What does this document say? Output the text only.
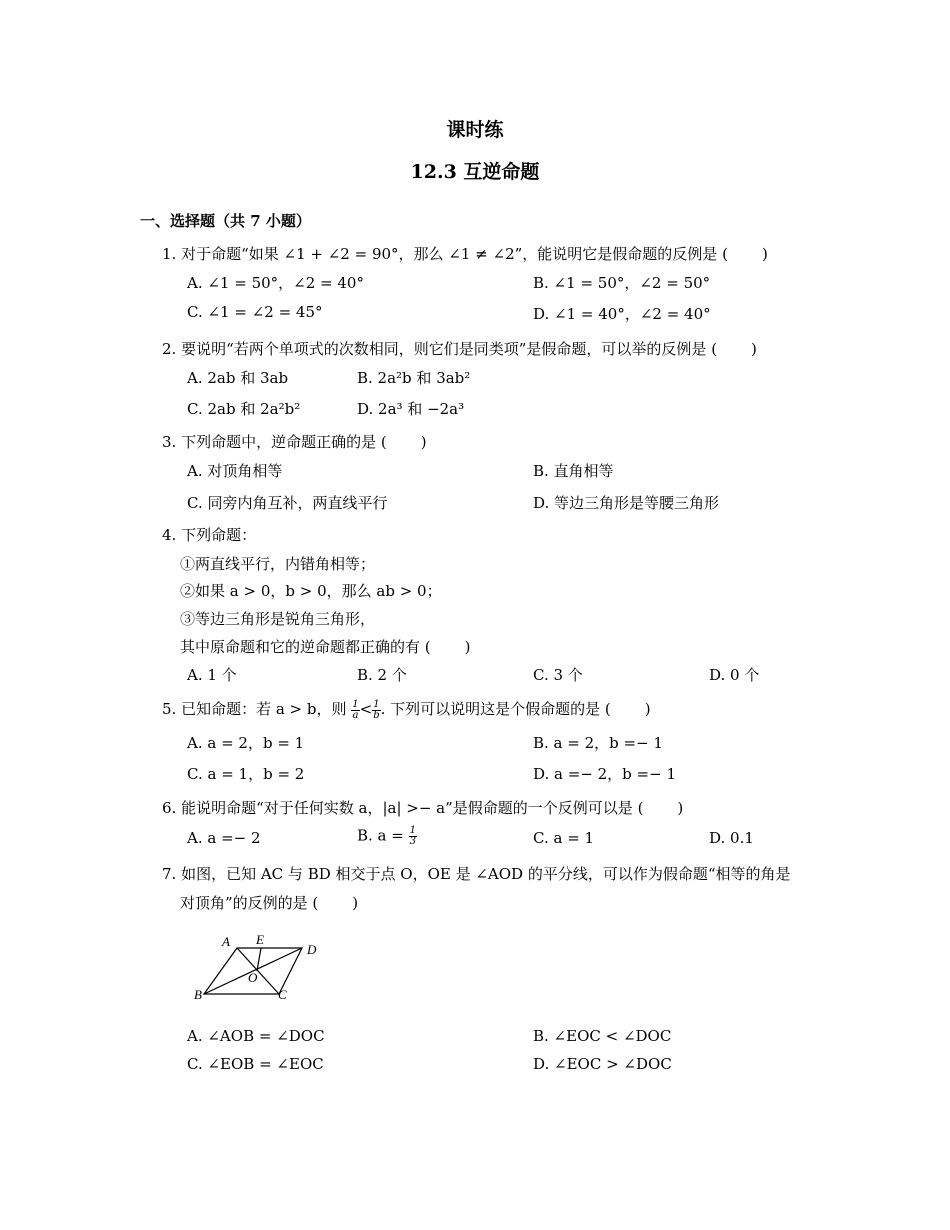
课时练
12.3 互逆命题
一、选择题（共 7 小题）
1. 对于命题“如果 ∠1 + ∠2 = 90°，那么 ∠1 ≠ ∠2”，能说明它是假命题的反例是 ( )
A. ∠1 = 50°，∠2 = 40°	B. ∠1 = 50°，∠2 = 50°
C. ∠1 = ∠2 = 45°	D. ∠1 = 40°，∠2 = 40°
2. 要说明“若两个单项式的次数相同，则它们是同类项”是假命题，可以举的反例是 ( )
A. 2ab 和 3ab	B. 2a²b 和 3ab²
C. 2ab 和 2a²b²	D. 2a³ 和 −2a³
3. 下列命题中，逆命题正确的是 ( )
A. 对顶角相等	B. 直角相等
C. 同旁内角互补，两直线平行	D. 等边三角形是等腰三角形
4. 下列命题：
①两直线平行，内错角相等；
②如果 a > 0，b > 0，那么 ab > 0；
③等边三角形是锐角三角形，
其中原命题和它的逆命题都正确的有 ( )
A. 1 个	B. 2 个	C. 3 个	D. 0 个
5. 已知命题：若 a > b，则 $\frac{1}{a} < \frac{1}{b}$ . 下列可以说明这是个假命题的是 ( )
A. a = 2，b = 1	B. a = 2，b =− 1
C. a = 1，b = 2	D. a =− 2，b =− 1
6. 能说明命题“对于任何实数 a，|a| >− a”是假命题的一个反例可以是 ( )
A. a =− 2	B. $a = \frac{1}{3}$	C. a = 1	D. 0.1
7. 如图，已知 AC 与 BD 相交于点 O，OE 是 ∠AOD 的平分线，可以作为假命题“相等的角是
对顶角”的反例的是 ( )
A E
D
O
B	C
A. ∠AOB = ∠DOC	B. ∠EOC < ∠DOC
C. ∠EOB = ∠EOC	D. ∠EOC > ∠DOC
